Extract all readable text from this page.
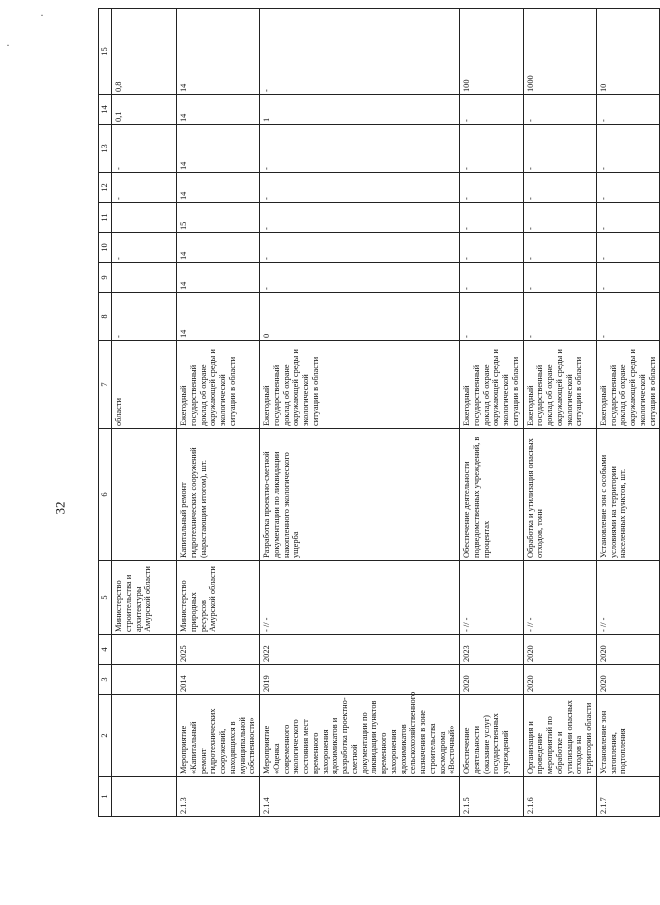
32
·
·
1	2	3	4	5	6	7	8	9	10	11	12	13	14	15
				Министерство строительства и архитектуры Амурской области		области	-		-		-	-	0,1	0,8
2.1.3	Мероприятие «Капитальный ремонт гидротехнических сооружений, находящихся в муниципальной собственности»	2014	2025	Министерство природных ресурсов Амурской области	Капитальный ремонт гидротехнических сооружений (нарастающим итогом), шт.	Ежегодный государственный доклад об охране окружающей среды и экологической ситуации в области	14	14	14	15	14	14	14	14
2.1.4	Мероприятие «Оценка современного экологического состояния мест временного захоронения ядохимикатов и разработка проектно-сметной документации по ликвидации пунктов временного захоронения ядохимикатов сельскохозяйственного назначения в зоне строительства космодрома «Восточный»	2019	2022	- // -	Разработка проектно-сметной документации по ликвидации накопленного экологического ущерба	Ежегодный государственный доклад об охране окружающей среды и экологической ситуации в области	0	-	-	-	-	-	1	-
2.1.5	Обеспечение деятельности (оказание услуг) государственных учреждений	2020	2023	- // -	Обеспечение деятельности подведомственных учреждений, в процентах	Ежегодный государственный доклад об охране окружающей среды и экологической ситуации в области	-	-	-	-	-	-	-	100
2.1.6	Организация и проведение мероприятий по обработке и утилизации опасных отходов на территории области	2020	2020	- // -	Обработка и утилизация опасных отходов, тонн	Ежегодный государственный доклад об охране окружающей среды и экологической ситуации в области	-	-	-	-	-	-	-	1000
2.1.7	Установление зон затопления, подтопления	2020	2020	- // -	Установление зон с особыми условиями на территории населенных пунктов, шт.	Ежегодный государственный доклад об охране окружающей среды и экологической ситуации в области	-	-	-	-	-	-	-	10
